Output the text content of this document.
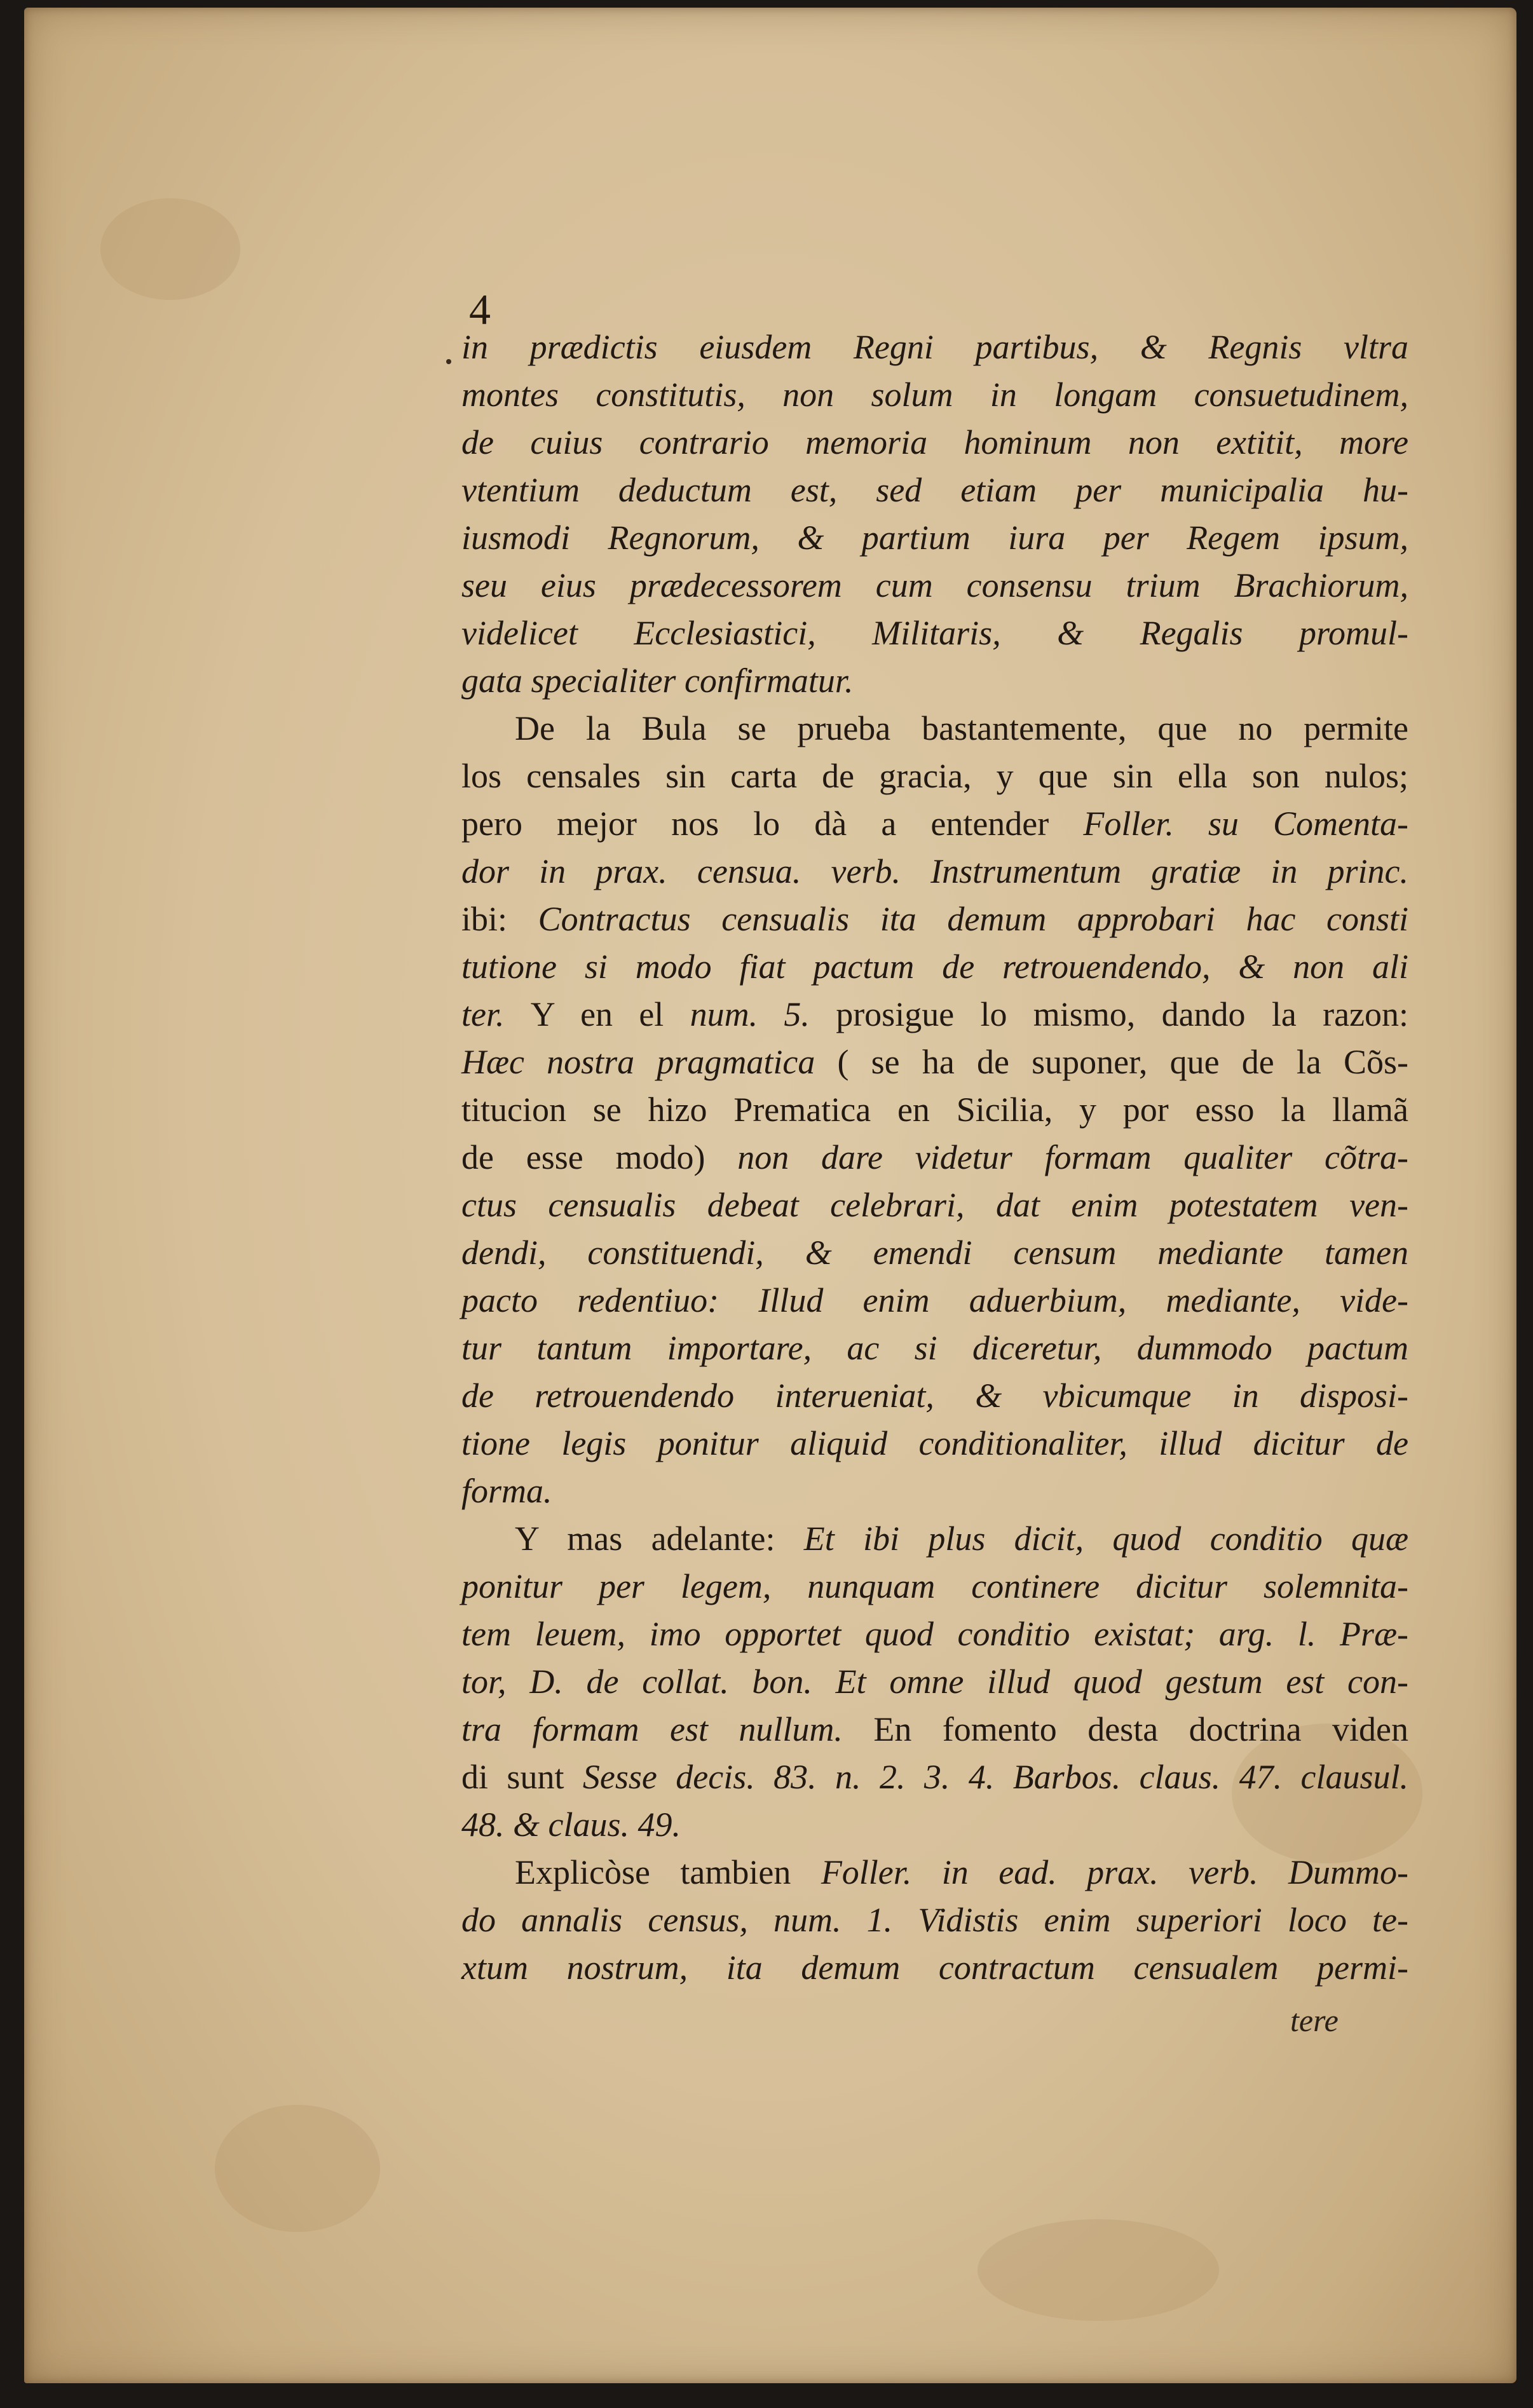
4
in prædictis eiusdem Regni partibus, & Regnis vltra
montes constitutis, non solum in longam consuetudinem,
de cuius contrario memoria hominum non extitit, more
vtentium deductum est, sed etiam per municipalia hu-
iusmodi Regnorum, & partium iura per Regem ipsum,
seu eius prædecessorem cum consensu trium Brachiorum,
videlicet Ecclesiastici, Militaris, & Regalis promul-
gata specialiter confirmatur.
De la Bula se prueba bastantemente, que no permite
los censales sin carta de gracia, y que sin ella son nulos;
pero mejor nos lo dà a entender Foller. su Comenta-
dor in prax. censua. verb. Instrumentum gratiæ in princ.
ibi: Contractus censualis ita demum approbari hac consti
tutione si modo fiat pactum de retrouendendo, & non ali
ter. Y en el num. 5. prosigue lo mismo, dando la razon:
Hæc nostra pragmatica ( se ha de suponer, que de la Cõs-
titucion se hizo Prematica en Sicilia, y por esso la llamã
de esse modo) non dare videtur formam qualiter cõtra-
ctus censualis debeat celebrari, dat enim potestatem ven-
dendi, constituendi, & emendi censum mediante tamen
pacto redentiuo: Illud enim aduerbium, mediante, vide-
tur tantum importare, ac si diceretur, dummodo pactum
de retrouendendo interueniat, & vbicumque in disposi-
tione legis ponitur aliquid conditionaliter, illud dicitur de
forma.
Y mas adelante: Et ibi plus dicit, quod conditio quæ
ponitur per legem, nunquam continere dicitur solemnita-
tem leuem, imo opportet quod conditio existat; arg. l. Præ-
tor, D. de collat. bon. Et omne illud quod gestum est con-
tra formam est nullum. En fomento desta doctrina viden
di sunt Sesse decis. 83. n. 2. 3. 4. Barbos. claus. 47. clausul.
48. & claus. 49.
Explicòse tambien Foller. in ead. prax. verb. Dummo-
do annalis census, num. 1. Vidistis enim superiori loco te-
xtum nostrum, ita demum contractum censualem permi-
tere
